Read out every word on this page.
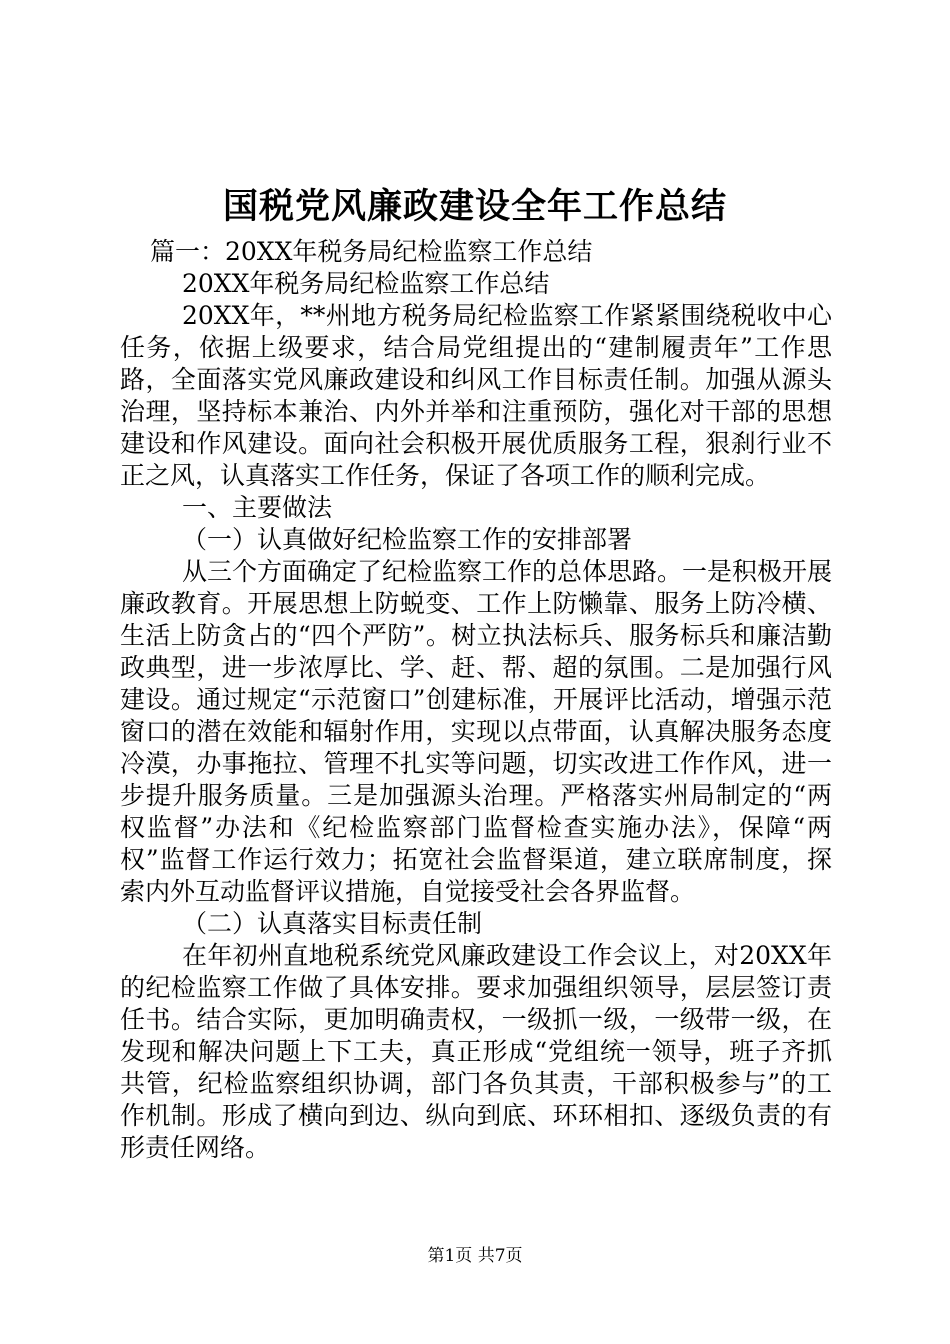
国税党风廉政建设全年工作总结

篇一：20XX年税务局纪检监察工作总结

20XX年税务局纪检监察工作总结

20XX年，**州地方税务局纪检监察工作紧紧围绕税收中心任务，依据上级要求，结合局党组提出的“建制履责年”工作思路，全面落实党风廉政建设和纠风工作目标责任制。加强从源头治理，坚持标本兼治、内外并举和注重预防，强化对干部的思想建设和作风建设。面向社会积极开展优质服务工程，狠刹行业不正之风，认真落实工作任务，保证了各项工作的顺利完成。

一、主要做法

（一）认真做好纪检监察工作的安排部署

从三个方面确定了纪检监察工作的总体思路。一是积极开展廉政教育。开展思想上防蜕变、工作上防懒靠、服务上防冷横、生活上防贪占的“四个严防”。树立执法标兵、服务标兵和廉洁勤政典型，进一步浓厚比、学、赶、帮、超的氛围。二是加强行风建设。通过规定“示范窗口”创建标准，开展评比活动，增强示范窗口的潜在效能和辐射作用，实现以点带面，认真解决服务态度冷漠，办事拖拉、管理不扎实等问题，切实改进工作作风，进一步提升服务质量。三是加强源头治理。严格落实州局制定的“两权监督”办法和《纪检监察部门监督检查实施办法》，保障“两权”监督工作运行效力；拓宽社会监督渠道，建立联席制度，探索内外互动监督评议措施，自觉接受社会各界监督。

（二）认真落实目标责任制

在年初州直地税系统党风廉政建设工作会议上，对20XX年的纪检监察工作做了具体安排。要求加强组织领导，层层签订责任书。结合实际，更加明确责权，一级抓一级，一级带一级，在发现和解决问题上下工夫，真正形成“党组统一领导，班子齐抓共管，纪检监察组织协调，部门各负其责，干部积极参与”的工作机制。形成了横向到边、纵向到底、环环相扣、逐级负责的有形责任网络。

第1页 共7页
